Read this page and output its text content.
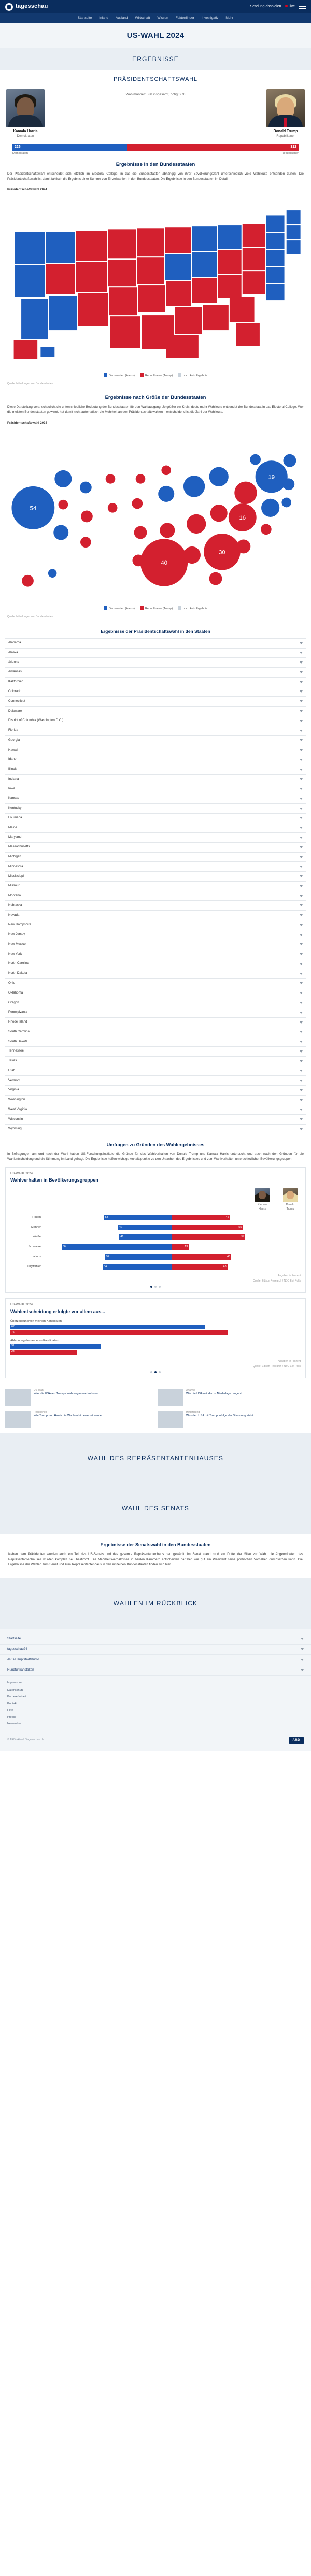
tagesschau	Sendung abspielen	live
Startseite Inland Ausland Wirtschaft Wissen Faktenfinder Investigativ Mehr
US-WAHL 2024
ERGEBNISSE
PRÄSIDENTSCHAFTSWAHL
Kamala Harris
Demokraten
Wahlmänner: 538 insgesamt, nötig: 270
Donald Trump
Republikaner
226	312
Demokraten	Republikaner
Ergebnisse in den Bundesstaaten

Der Präsidentschaftswahl entscheidet sich letztlich im Electoral College, in das die Bundesstaaten abhängig von ihrer Bevölkerungszahl unterschiedlich viele Wahlleute entsenden dürfen. Die Präsidentschaftswahl ist damit faktisch die Ergebnis einer Summe von Einzelwahlen in den Bundesstaaten. Die Ergebnisse in den Bundesstaaten im Detail:

Präsidentschaftswahl 2024
Demokraten (Harris)	Republikaner (Trump)	noch kein Ergebnis
Quelle: Mitteilungen von Bundesstaaten
Ergebnisse nach Größe der Bundesstaaten

Diese Darstellung veranschaulicht die unterschiedliche Bedeutung der Bundesstaaten für den Wahlausgang. Je größer ein Kreis, desto mehr Wahlleute entsendet der Bundesstaat in das Electoral College. Wer die meisten Bundesstaaten gewinnt, hat damit nicht automatisch die Mehrheit an den Präsidentschaftswahlen – entscheidend ist die Zahl der Wahlleute.

Präsidentschaftswahl 2024
54
40
30
19
16
Demokraten (Harris)	Republikaner (Trump)	noch kein Ergebnis
Quelle: Mitteilungen von Bundesstaaten
Ergebnisse der Präsidentschaftswahl in den Staaten
Alabama
Alaska
Arizona
Arkansas
Kalifornien
Colorado
Connecticut
Delaware
District of Columbia (Washington D.C.)
Florida
Georgia
Hawaii
Idaho
Illinois
Indiana
Iowa
Kansas
Kentucky
Louisiana
Maine
Maryland
Massachusetts
Michigan
Minnesota
Mississippi
Missouri
Montana
Nebraska
Nevada
New Hampshire
New Jersey
New Mexico
New York
North Carolina
North Dakota
Ohio
Oklahoma
Oregon
Pennsylvania
Rhode Island
South Carolina
South Dakota
Tennessee
Texas
Utah
Vermont
Virginia
Washington
West Virginia
Wisconsin
Wyoming
Umfragen zu Gründen des Wahlergebnisses
In Befragungen am und nach der Wahl haben US-Forschungsinstitute die Gründe für das Wahlverhalten von Donald Trump und Kamala Harris untersucht und auch nach den Gründen für die Wahlentscheidung und die Stimmung im Land gefragt. Die Ergebnisse helfen wichtige Anhaltspunkte zu den Ursachen des Ergebnisses und zum Wahlverhalten unterschiedlicher Bevölkerungsgruppen.
US-WAHL 2024
Wahlverhalten in Bevölkerungsgruppen
Kamala Harris
Donald Trump
Frauen	53	45
Männer	42	55
Weiße	41	57
Schwarze	86	13
Latinos	52	46
Jungwähler	54	43
Angaben in Prozent
Quelle: Edison Research / NBC Exit Polls
US-WAHL 2024
Wahlentscheidung erfolgte vor allem aus...
Überzeugung von meinem Kandidaten
67
75
Ablehnung des anderen Kandidaten
31
23
Angaben in Prozent
Quelle: Edison Research / NBC Exit Polls
US-Wahl
Was die USA auf Trumps Wahlsieg erwarten kann
Analyse
Wie die USA mit Harris' Niederlage umgeht
Reaktionen
Wie Trump und Harris die Wahlnacht bewertet werden
Hintergrund
Was den USA mit Trump infolge der Stimmung steht
WAHL DES REPRÄSENTANTENHAUSES
WAHL DES SENATS
Ergebnisse der Senatswahl in den Bundesstaaten

Neben dem Präsidenten wurden auch ein Teil des US-Senats und das gesamte Repräsentantenhaus neu gewählt. Im Senat stand rund ein Drittel der Sitze zur Wahl, die Abgeordneten des Repräsentantenhauses wurden komplett neu bestimmt. Die Mehrheitsverhältnisse in beiden Kammern entscheiden darüber, wie gut ein Präsident seine politischen Vorhaben durchsetzen kann. Die Ergebnisse der Wahlen zum Senat und zum Repräsentantenhaus in den einzelnen Bundesstaaten finden sich hier.

WAHLEN IM RÜCKBLICK
Startseite
tagesschau24
ARD-Hauptstadtstudio
Rundfunkanstalten
Impressum
Datenschutz
Barrierefreiheit
Kontakt
Hilfe
Presse
Newsletter
© ARD-aktuell / tagesschau.de	ARD
